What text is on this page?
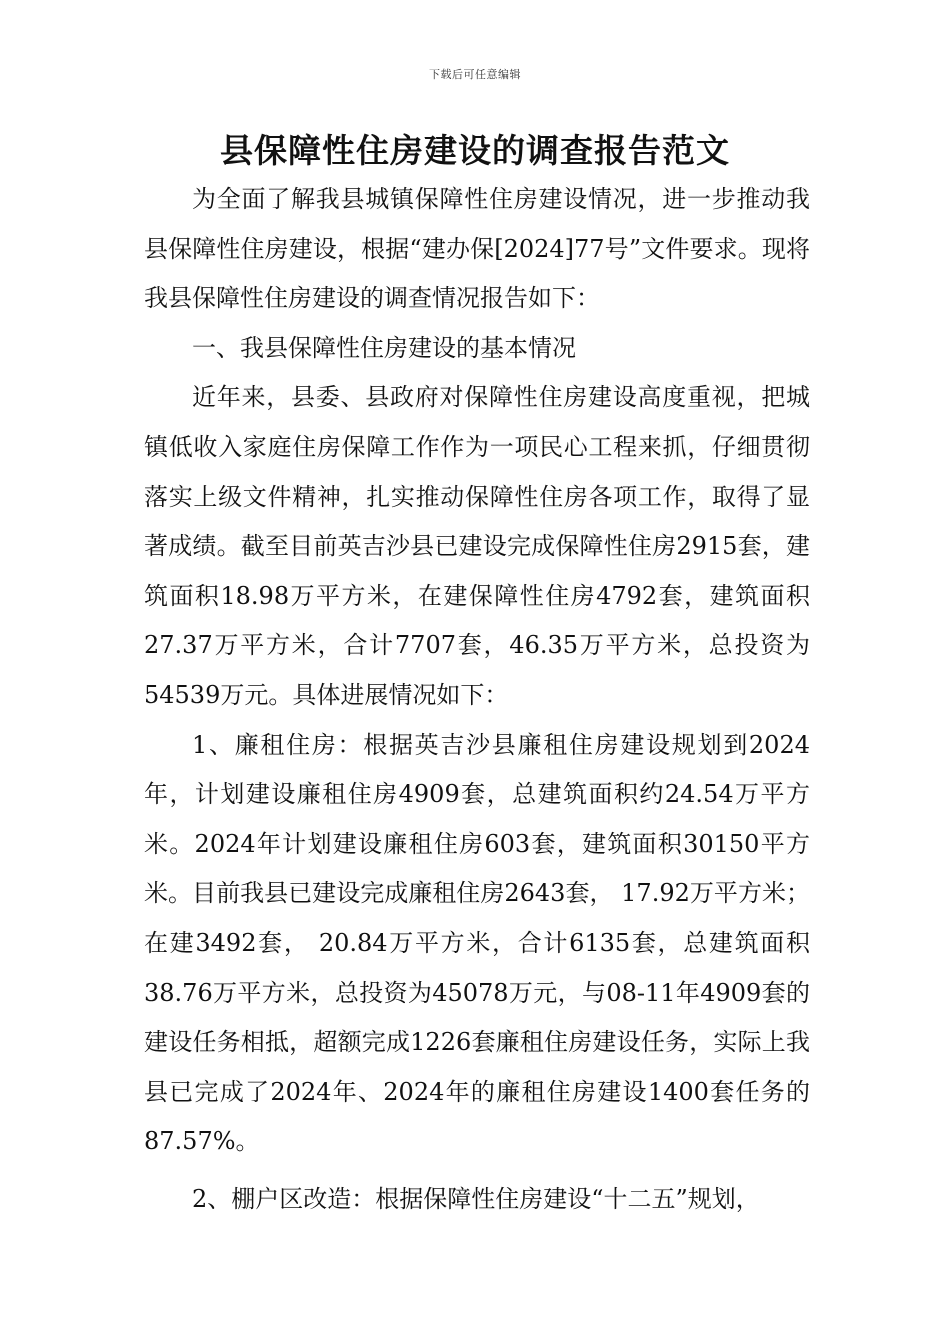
下载后可任意编辑
县保障性住房建设的调查报告范文

为全面了解我县城镇保障性住房建设情况，进一步推动我县保障性住房建设，根据“建办保[2024]77号”文件要求。现将我县保障性住房建设的调查情况报告如下：

一、我县保障性住房建设的基本情况

近年来，县委、县政府对保障性住房建设高度重视，把城镇低收入家庭住房保障工作作为一项民心工程来抓，仔细贯彻落实上级文件精神，扎实推动保障性住房各项工作，取得了显著成绩。截至目前英吉沙县已建设完成保障性住房2915套，建筑面积18.98万平方米，在建保障性住房4792套，建筑面积27.37万平方米，合计7707套，46.35万平方米，总投资为54539万元。具体进展情况如下：

1、廉租住房：根据英吉沙县廉租住房建设规划到2024年，计划建设廉租住房4909套，总建筑面积约24.54万平方米。2024年计划建设廉租住房603套，建筑面积30150平方米。目前我县已建设完成廉租住房2643套， 17.92万平方米；在建3492套， 20.84万平方米，合计6135套，总建筑面积38.76万平方米，总投资为45078万元，与08-11年4909套的建设任务相抵，超额完成1226套廉租住房建设任务，实际上我县已完成了2024年、2024年的廉租住房建设1400套任务的87.57%。

2、棚户区改造：根据保障性住房建设“十二五”规划，
